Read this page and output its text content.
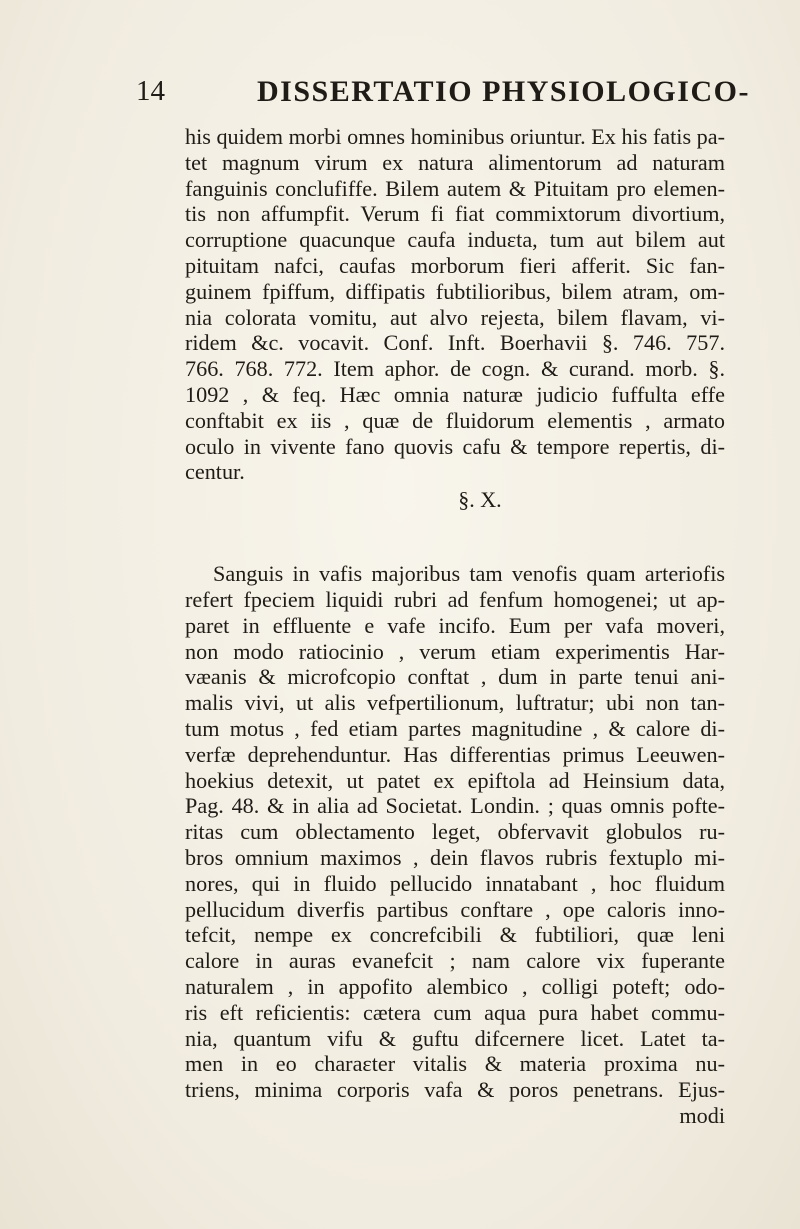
14	DISSERTATIO PHYSIOLOGICO-
his quidem morbi omnes hominibus oriuntur. Ex his fatis pa-
tet magnum virum ex natura alimentorum ad naturam
fanguinis conclufiffe. Bilem autem & Pituitam pro elemen-
tis non affumpfit. Verum fi fiat commixtorum divortium,
corruptione quacunque caufa induɛta, tum aut bilem aut
pituitam nafci, caufas morborum fieri afferit. Sic fan-
guinem fpiffum, diffipatis fubtilioribus, bilem atram, om-
nia colorata vomitu, aut alvo rejeɛta, bilem flavam, vi-
ridem &c. vocavit. Conf. Inft. Boerhavii §. 746. 757.
766. 768. 772. Item aphor. de cogn. & curand. morb. §.
1092 , & feq. Hæc omnia naturæ judicio fuffulta effe
conftabit ex iis , quæ de fluidorum elementis , armato
oculo in vivente fano quovis cafu & tempore repertis, di-
centur.
§. X.
Sanguis in vafis majoribus tam venofis quam arteriofis
refert fpeciem liquidi rubri ad fenfum homogenei; ut ap-
paret in effluente e vafe incifo. Eum per vafa moveri,
non modo ratiocinio , verum etiam experimentis Har-
væanis & microfcopio conftat , dum in parte tenui ani-
malis vivi, ut alis vefpertilionum, luftratur; ubi non tan-
tum motus , fed etiam partes magnitudine , & calore di-
verfæ deprehenduntur. Has differentias primus Leeuwen-
hoekius detexit, ut patet ex epiftola ad Heinsium data,
Pag. 48. & in alia ad Societat. Londin. ; quas omnis pofte-
ritas cum oblectamento leget, obfervavit globulos ru-
bros omnium maximos , dein flavos rubris fextuplo mi-
nores, qui in fluido pellucido innatabant , hoc fluidum
pellucidum diverfis partibus conftare , ope caloris inno-
tefcit, nempe ex concrefcibili & fubtiliori, quæ leni
calore in auras evanefcit ; nam calore vix fuperante
naturalem , in appofito alembico , colligi poteft; odo-
ris eft reficientis: cætera cum aqua pura habet commu-
nia, quantum vifu & guftu difcernere licet. Latet ta-
men in eo charaɛter vitalis & materia proxima nu-
triens, minima corporis vafa & poros penetrans. Ejus-
modi
